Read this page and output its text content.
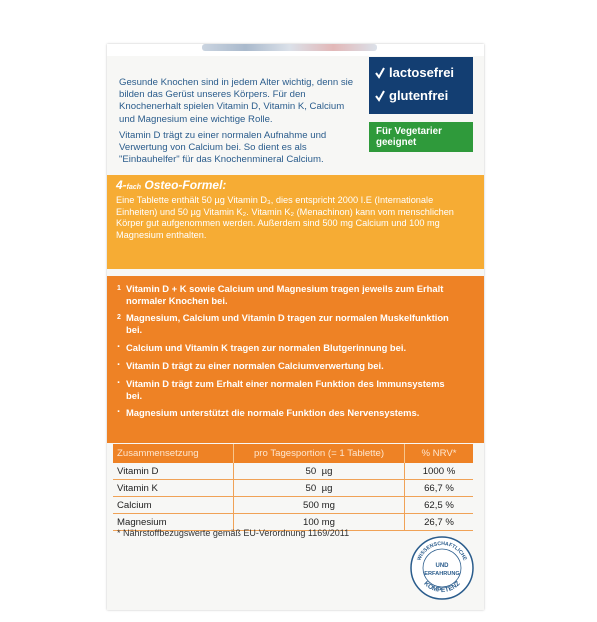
Gesunde Knochen sind in jedem Alter wichtig, denn sie bilden das Gerüst unseres Körpers. Für den Knochenerhalt spielen Vitamin D, Vitamin K, Calcium und Magnesium eine wichtige Rolle.

Vitamin D trägt zu einer normalen Aufnahme und Verwertung von Calcium bei. So dient es als "Einbauhelfer" für das Knochenmineral Calcium.

lactosefrei
glutenfrei
Für Vegetarier
geeignet
4-fach Osteo-Formel:
Eine Tablette enthält 50 µg Vitamin D₃, dies entspricht 2000 I.E (Internationale Einheiten) und 50 µg Vitamin K₂. Vitamin K₂ (Menachinon) kann vom menschlichen Körper gut aufgenommen werden. Außerdem sind 500 mg Calcium und 100 mg Magnesium enthalten.
1 Vitamin D + K sowie Calcium und Magnesium tragen jeweils zum Erhalt normaler Knochen bei.
2 Magnesium, Calcium und Vitamin D tragen zur normalen Muskelfunktion bei.
· Calcium und Vitamin K tragen zur normalen Blutgerinnung bei.
· Vitamin D trägt zu einer normalen Calciumverwertung bei.
· Vitamin D trägt zum Erhalt einer normalen Funktion des Immunsystems bei.
· Magnesium unterstützt die normale Funktion des Nervensystems.
Zusammensetzung	pro Tagesportion (= 1 Tablette)	% NRV*
Vitamin D	50 µg	1000 %
Vitamin K	50 µg	66,7 %
Calcium	500 mg	62,5 %
Magnesium	100 mg	26,7 %
* Nährstoffbezugswerte gemäß EU-Verordnung 1169/2011
WISSENSCHAFTLICHE
KOMPETENZ
UND
ERFAHRUNG
